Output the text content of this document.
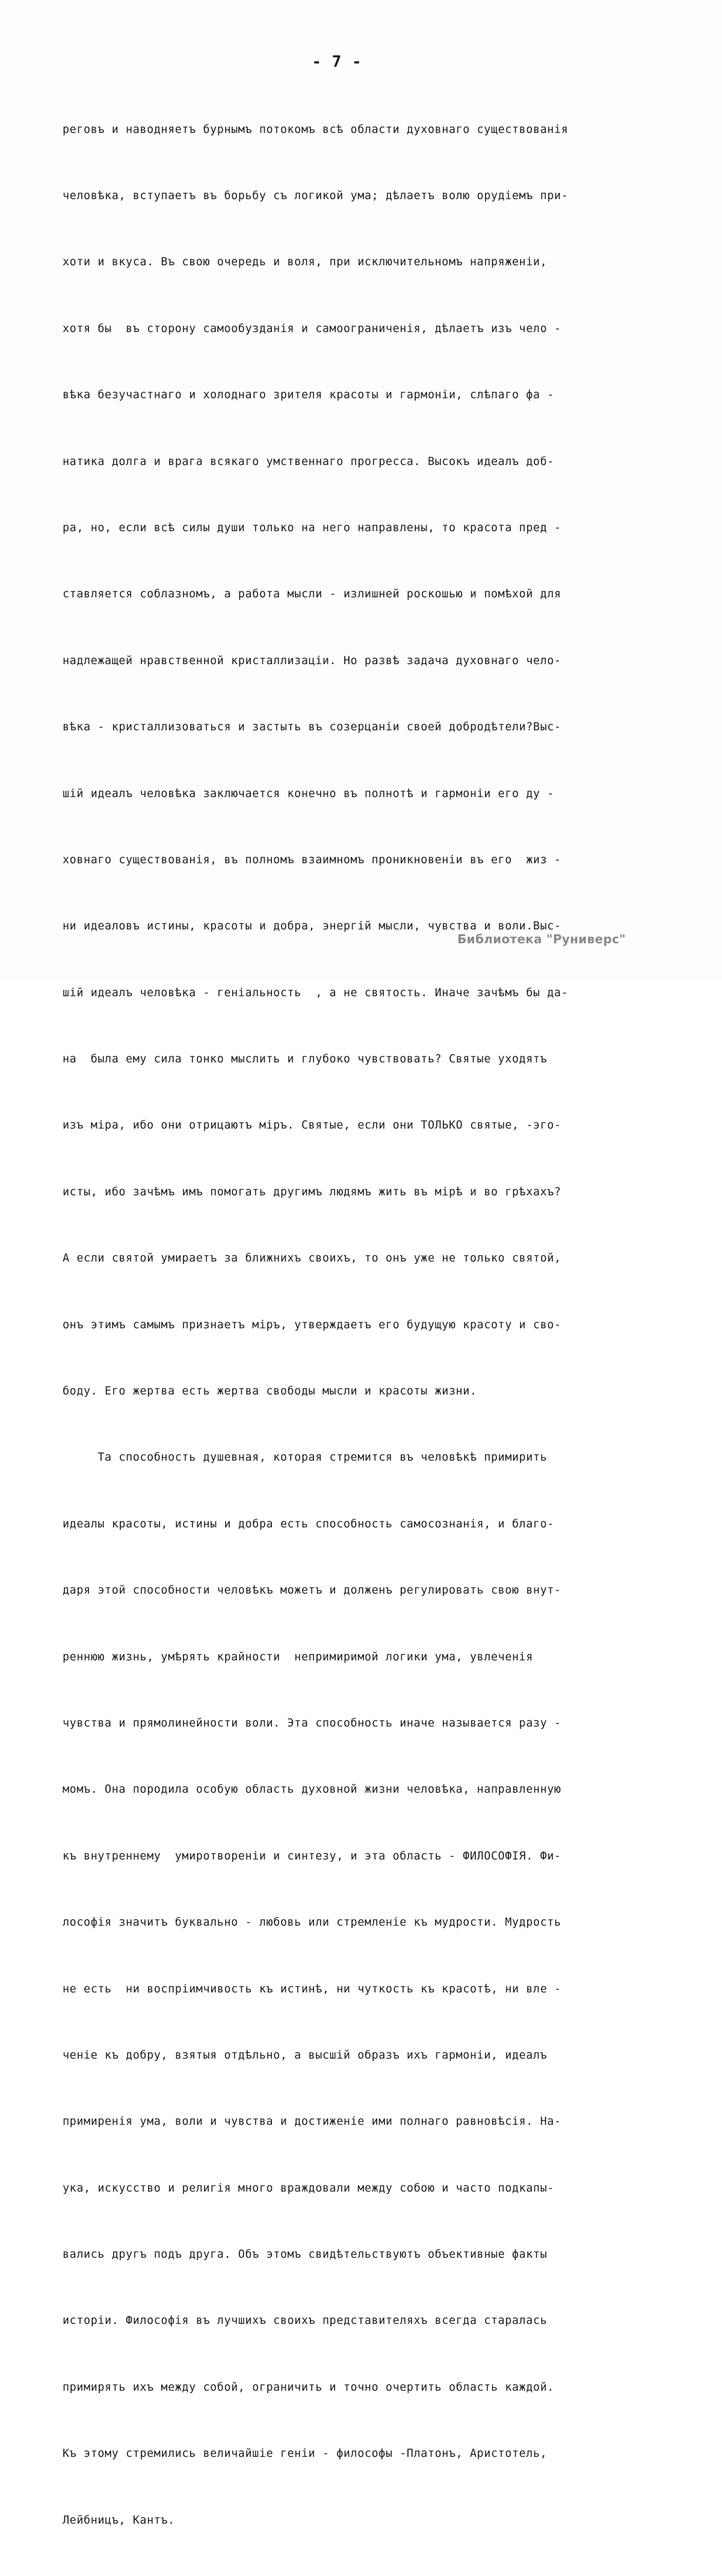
- 7 -

реговъ и наводняетъ бурнымъ потокомъ всѣ области духовнаго существованія

человѣка, вступаетъ въ борьбу съ логикой ума; дѣлаетъ волю орудіемъ при-

хоти и вкуса. Въ свою очередь и воля, при исключительномъ напряженіи,

хотя бы  въ сторону самообузданія и самоограниченія, дѣлаетъ изъ чело -

вѣка безучастнаго и холоднаго зрителя красоты и гармоніи, слѣпаго фа -

натика долга и врага всякаго умственнаго прогресса. Высокъ идеалъ доб-

ра, но, если всѣ силы души только на него направлены, то красота пред -

ставляется соблазномъ, а работа мысли - излишней роскошью и помѣхой для

надлежащей нравственной кристаллизаціи. Но развѣ задача духовнаго чело-

вѣка - кристаллизоваться и застыть въ созерцаніи своей добродѣтели?Выс-

шій идеалъ человѣка заключается конечно въ полнотѣ и гармоніи его ду -

ховнаго существованія, въ полномъ взаимномъ проникновеніи въ его  жиз -

ни идеаловъ истины, красоты и добра, энергій мысли, чувства и воли.Выс-

шій идеалъ человѣка - геніальность  , а не святость. Иначе зачѣмъ бы да-

на  была ему сила тонко мыслить и глубоко чувствовать? Святые уходятъ

изъ міра, ибо они отрицаютъ міръ. Святые, если они ТОЛЬКО святые, -эго-

исты, ибо зачѣмъ имъ помогать другимъ людямъ жить въ мірѣ и во грѣхахъ?

А если святой умираетъ за ближнихъ своихъ, то онъ уже не только святой,

онъ этимъ самымъ признаетъ міръ, утверждаетъ его будущую красоту и сво-

боду. Его жертва есть жертва свободы мысли и красоты жизни.

Та способность душевная, которая стремится въ человѣкѣ примирить

идеалы красоты, истины и добра есть способность самосознанія, и благо-

даря этой способности человѣкъ можетъ и долженъ регулировать свою внут-

реннюю жизнь, умѣрять крайности  непримиримой логики ума, увлеченія

чувства и прямолинейности воли. Эта способность иначе называется разу -

момъ. Она породила особую область духовной жизни человѣка, направленную

къ внутреннему  умиротворенiи и синтезу, и эта область - ФИЛОСОФІЯ. Фи-

лософія значитъ буквально - любовь или стремленіе къ мудрости. Мудрость

не есть  ни воспріимчивость къ истинѣ, ни чуткость къ красотѣ, ни вле -

ченіе къ добру, взятыя отдѣльно, а высшій образъ ихъ гармоніи, идеалъ

примиренія ума, воли и чувства и достиженіе ими полнаго равновѣсія. На-

ука, искусство и религія много враждовали между собою и часто подкапы-

вались другъ подъ друга. Объ этомъ свидѣтельствуютъ объективные факты

исторіи. Философія въ лучшихъ своихъ представителяхъ всегда старалась

примирять ихъ между собой, ограничить и точно очертить область каждой.

Къ этому стремились величайшіе геніи - философы -Платонъ, Аристотель,

Лейбницъ, Кантъ.

Библиотека "Руниверс"
